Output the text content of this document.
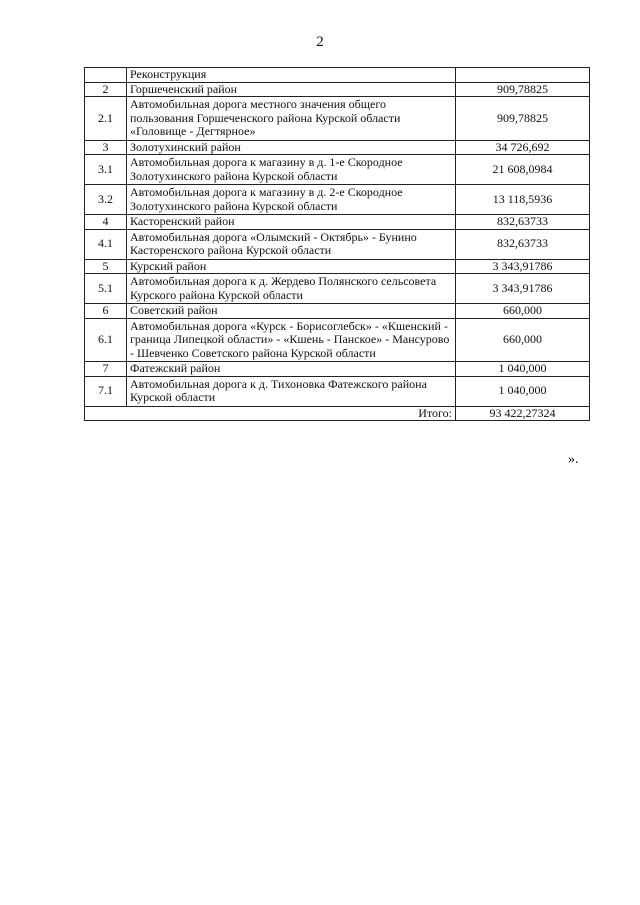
2
	Реконструкция	
2	Горшеченский район	909,78825
2.1	Автомобильная дорога местного значения общего пользования Горшеченского района Курской области «Головище - Дегтярное»	909,78825
3	Золотухинский район	34 726,692
3.1	Автомобильная дорога к магазину в д. 1-е Скородное Золотухинского района Курской области	21 608,0984
3.2	Автомобильная дорога к магазину в д. 2-е Скородное Золотухинского района Курской области	13 118,5936
4	Касторенский район	832,63733
4.1	Автомобильная дорога «Олымский - Октябрь» - Бунино Касторенского района Курской области	832,63733
5	Курский район	3 343,91786
5.1	Автомобильная дорога к д. Жердево Полянского сельсовета Курского района Курской области	3 343,91786
6	Советский район	660,000
6.1	Автомобильная дорога «Курск - Борисоглебск» - «Кшенский - граница Липецкой области» - «Кшень - Панское» - Мансурово - Шевченко Советского района Курской области	660,000
7	Фатежский район	1 040,000
7.1	Автомобильная дорога к д. Тихоновка Фатежского района Курской области	1 040,000
Итого:		93 422,27324
».
